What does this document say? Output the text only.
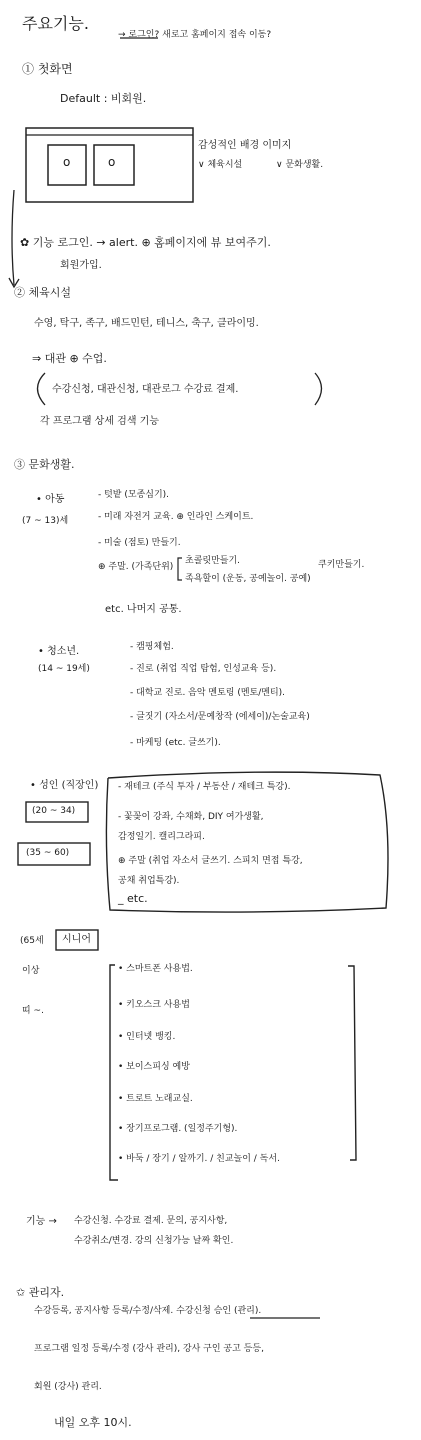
주요기능.
→ 로그인? 새로고 홈페이지 접속 이동?
① 첫화면
Default : 비회원.
o	o
감성적인 배경 이미지
∨ 체육시설	∨ 문화생활.
✿ 기능 로그인. → alert. ⊕ 홈페이지에 뷰 보여주기.
회원가입.
② 체육시설
수영, 탁구, 족구, 배드민턴, 테니스, 축구, 클라이밍.
⇒ 대관 ⊕ 수업.
수강신청, 대관신청, 대관로그 수강료 결제.
각 프로그램 상세 검색 기능
③ 문화생활.
• 아동
(7 ~ 13)세
- 텃밭 (모종심기).
- 미래 자전거 교육. ⊕ 인라인 스케이트.
- 미술 (점토) 만들기.
⊕ 주말. (가족단위)
초콜릿만들기.	쿠키만들기.
족욕할이 (운동, 공예놀이. 공예)
etc. 나머지 공통.
• 청소년.
(14 ~ 19세)
- 캠핑체험.
- 진로 (취업 직업 탐험, 인성교육 등).
- 대학교 진로. 음악 멘토링 (멘토/멘티).
- 글짓기 (자소서/문예창작 (에세이)/논술교육)
- 마케팅 (etc. 글쓰기).
• 성인 (직장인)
(20 ~ 34)
(35 ~ 60)
- 재테크 (주식 투자 / 부동산 / 재테크 특강).
- 꽃꽂이 강좌, 수채화, DIY 여가생활,
감정일기. 캘리그라피.
⊕ 주말 (취업 자소서 글쓰기. 스피치 면접 특강,
공채 취업특강).
_ etc.
(65세 시니어
이상
띠 ~.
• 스마트폰 사용법.
• 키오스크 사용법
• 인터넷 뱅킹.
• 보이스피싱 예방
• 트로트 노래교실.
• 장기프로그램. (일정주기형).
• 바둑 / 장기 / 알까기. / 친교놀이 / 독서.
기능 → 수강신청. 수강료 결제. 문의, 공지사항,
수강취소/변경. 강의 신청가능 날짜 확인.
✩ 관리자.
수강등록, 공지사항 등록/수정/삭제. 수강신청 승인 (관리).
프로그램 일정 등록/수정 (강사 관리), 강사 구인 공고 등등,
회원 (강사) 관리.
내일 오후 10시.
